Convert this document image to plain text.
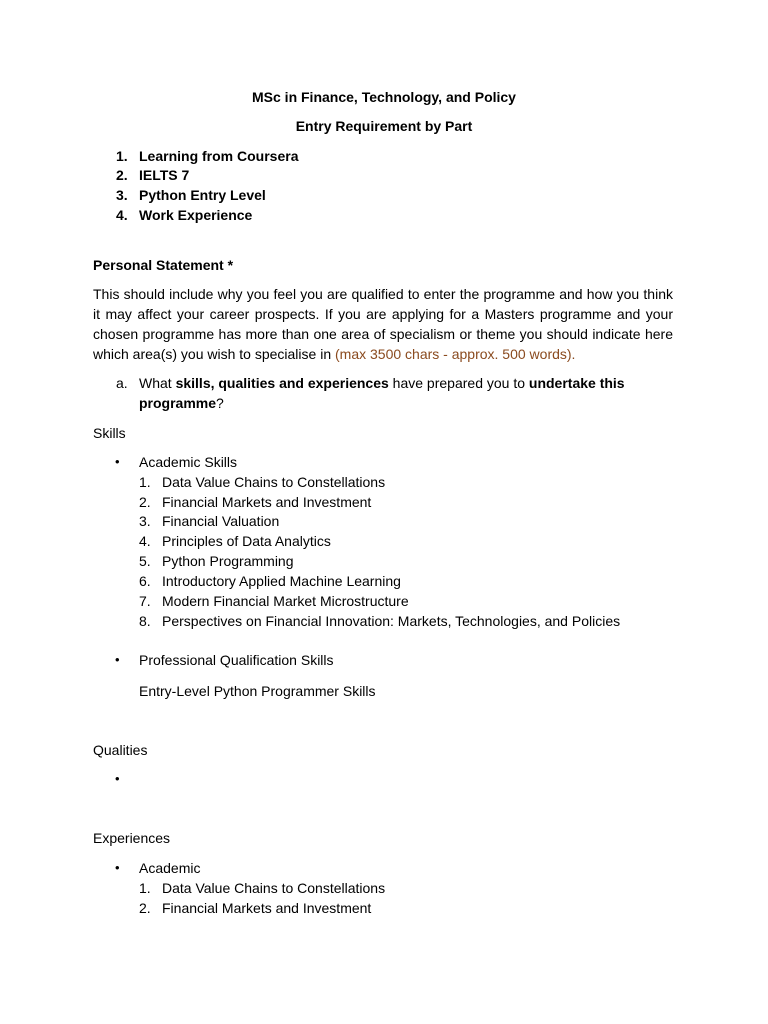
MSc in Finance, Technology, and Policy
Entry Requirement by Part
1. Learning from Coursera
2. IELTS 7
3. Python Entry Level
4. Work Experience
Personal Statement *
This should include why you feel you are qualified to enter the programme and how you think it may affect your career prospects. If you are applying for a Masters programme and your chosen programme has more than one area of specialism or theme you should indicate here which area(s) you wish to specialise in (max 3500 chars - approx. 500 words).
a. What skills, qualities and experiences have prepared you to undertake this
programme?
Skills
• Academic Skills
1. Data Value Chains to Constellations
2. Financial Markets and Investment
3. Financial Valuation
4. Principles of Data Analytics
5. Python Programming
6. Introductory Applied Machine Learning
7. Modern Financial Market Microstructure
8. Perspectives on Financial Innovation: Markets, Technologies, and Policies
• Professional Qualification Skills
Entry-Level Python Programmer Skills
Qualities
•
Experiences
• Academic
1. Data Value Chains to Constellations
2. Financial Markets and Investment
